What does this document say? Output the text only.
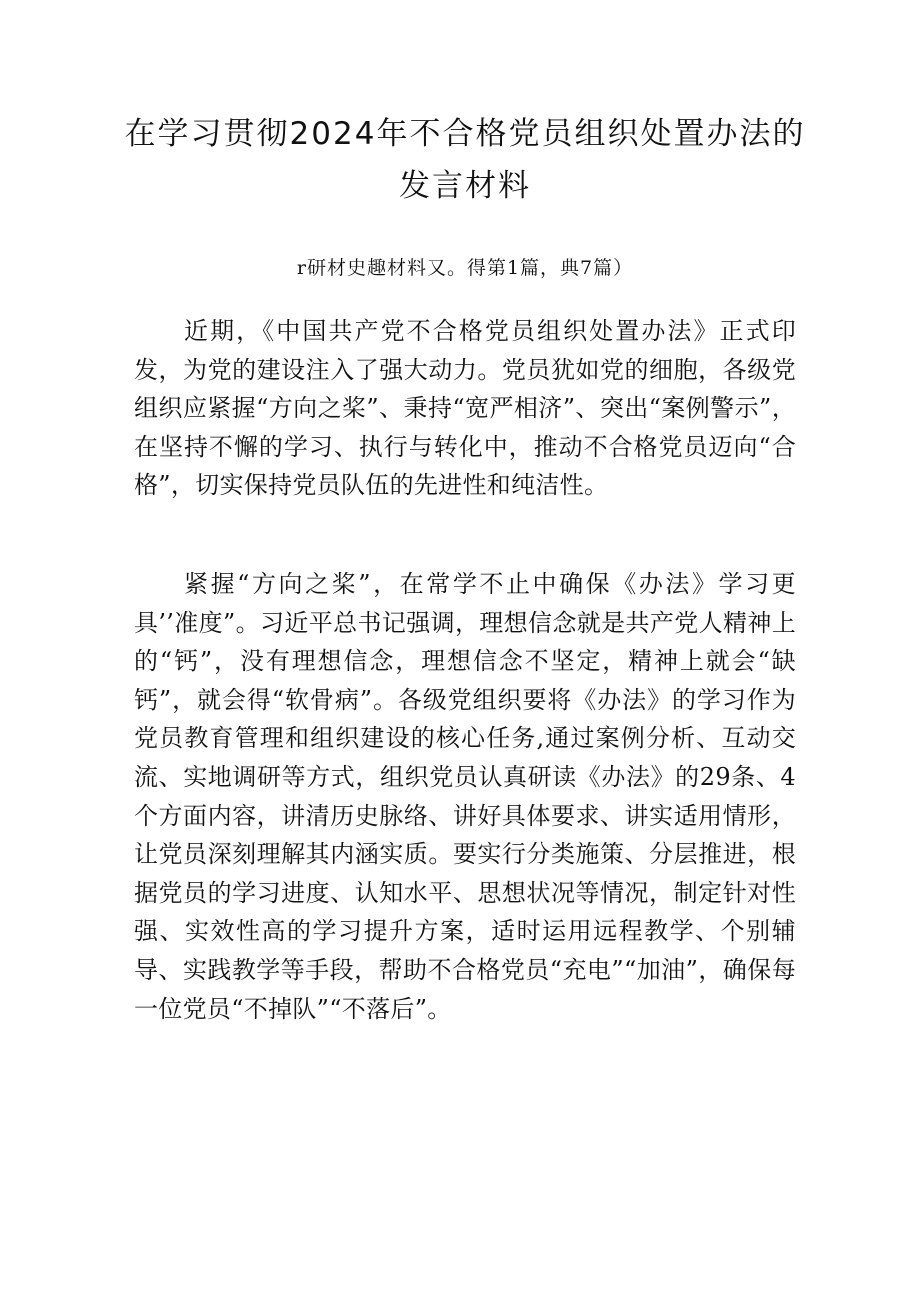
在学习贯彻2024年不合格党员组织处置办法的发言材料

r研材史趣材料又。得第1篇，典7篇）

近期，《中国共产党不合格党员组织处置办法》正式印发，为党的建设注入了强大动力。党员犹如党的细胞，各级党组织应紧握“方向之桨”、秉持“宽严相济”、突出“案例警示”，在坚持不懈的学习、执行与转化中，推动不合格党员迈向“合格”，切实保持党员队伍的先进性和纯洁性。

紧握“方向之桨”，在常学不止中确保《办法》学习更具’’准度”。习近平总书记强调，理想信念就是共产党人精神上的“钙”，没有理想信念，理想信念不坚定，精神上就会“缺钙”，就会得“软骨病”。各级党组织要将《办法》的学习作为党员教育管理和组织建设的核心任务,通过案例分析、互动交流、实地调研等方式，组织党员认真研读《办法》的29条、4个方面内容，讲清历史脉络、讲好具体要求、讲实适用情形，让党员深刻理解其内涵实质。要实行分类施策、分层推进，根据党员的学习进度、认知水平、思想状况等情况，制定针对性强、实效性高的学习提升方案，适时运用远程教学、个别辅导、实践教学等手段，帮助不合格党员“充电”“加油”，确保每一位党员“不掉队”“不落后”。
